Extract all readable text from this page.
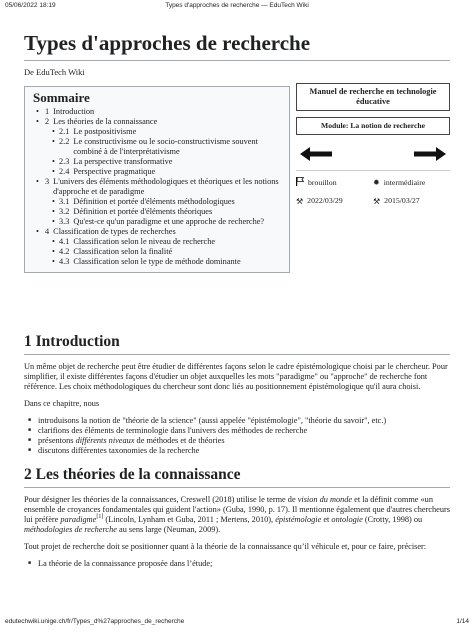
05/06/2022 18:19	Types d'approches de recherche — EduTech Wiki
Types d'approches de recherche
De EduTech Wiki
Sommaire
• 1 Introduction
• 2 Les théories de la connaissance
• 2.1 Le postpositivisme
• 2.2 Le constructivisme ou le socio-constructivisme souvent combiné à de l'interprétativisme
• 2.3 La perspective transformative
• 2.4 Perspective pragmatique
• 3 L'univers des éléments méthodologiques et théoriques et les notions d'approche et de paradigme
• 3.1 Définition et portée d'éléments méthodologiques
• 3.2 Définition et portée d'éléments théoriques
• 3.3 Qu'est-ce qu'un paradigme et une approche de recherche?
• 4 Classification de types de recherches
• 4.1 Classification selon le niveau de recherche
• 4.2 Classification selon la finalité
• 4.3 Classification selon le type de méthode dominante
Manuel de recherche en technologie éducative
Module: La notion de recherche
brouillon	✹ intermédiaire
⚒ 2022/03/29	⚒ 2015/03/27
1 Introduction

Un même objet de recherche peut être étudier de différentes façons selon le cadre épistémologique choisi par le chercheur. Pour simplifier, il existe différentes façons d'étudier un objet auxquelles les mots "paradigme" ou "approche" de recherche font référence. Les choix méthodologiques du chercheur sont donc liés au positionnement épistémologique qu'il aura choisi.

Dans ce chapitre, nous

■ introduisons la notion de "théorie de la science" (aussi appelée "épistémologie", "théorie du savoir", etc.)
■ clarifions des éléments de terminologie dans l'univers des méthodes de recherche
■ présentons différents niveaux de méthodes et de théories
■ discutons différentes taxonomies de la recherche
2 Les théories de la connaissance

Pour désigner les théories de la connaissances, Creswell (2018) utilise le terme de vision du monde et la définit comme «un ensemble de croyances fondamentales qui guident l'action» (Guba, 1990, p. 17). Il mentionne également que d'autres chercheurs lui préfère paradigme[1] (Lincoln, Lynham et Guba, 2011 ; Mertens, 2010), épistémologie et ontologie (Crotty, 1998) ou méthodologies de recherche au sens large (Neuman, 2009).

Tout projet de recherche doit se positionner quant à la théorie de la connaissance qu’il véhicule et, pour ce faire, préciser:

■ La théorie de la connaissance proposée dans l’étude;
edutechwiki.unige.ch/fr/Types_d%27approches_de_recherche	1/14
